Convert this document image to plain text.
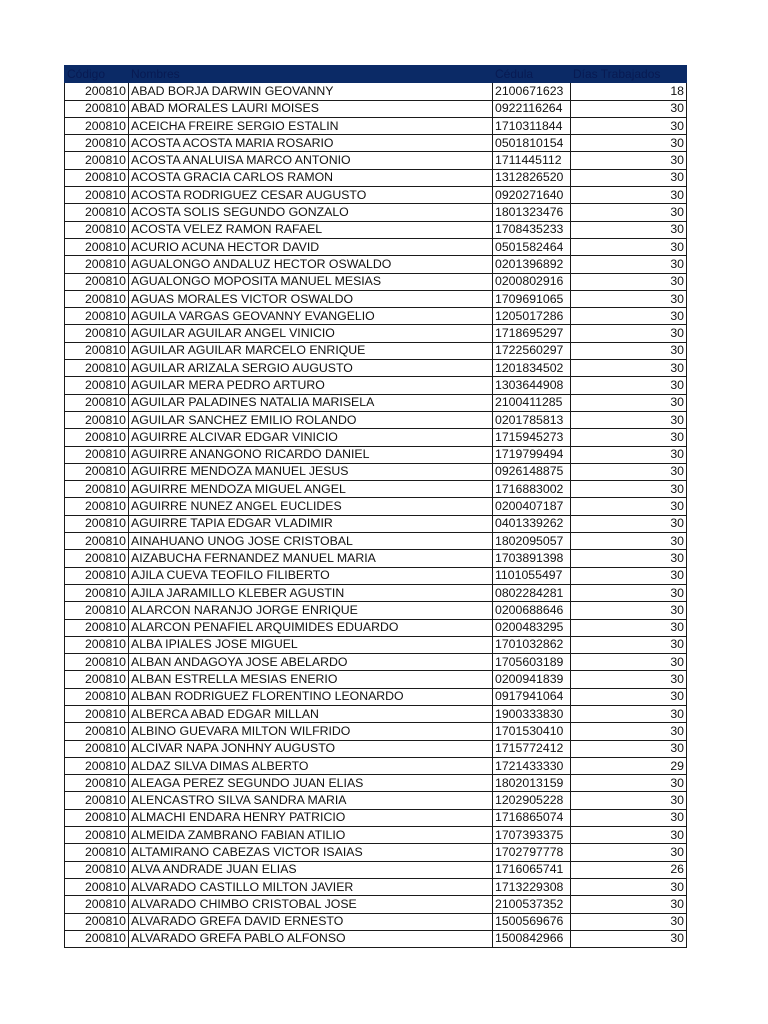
Código	Nombres	Cédula	Días Trabajados
200810	ABAD BORJA DARWIN GEOVANNY	2100671623	18
200810	ABAD MORALES LAURI MOISES	0922116264	30
200810	ACEICHA FREIRE SERGIO ESTALIN	1710311844	30
200810	ACOSTA ACOSTA MARIA ROSARIO	0501810154	30
200810	ACOSTA ANALUISA MARCO ANTONIO	1711445112	30
200810	ACOSTA GRACIA CARLOS RAMON	1312826520	30
200810	ACOSTA RODRIGUEZ CESAR AUGUSTO	0920271640	30
200810	ACOSTA SOLIS SEGUNDO GONZALO	1801323476	30
200810	ACOSTA VELEZ RAMON RAFAEL	1708435233	30
200810	ACURIO ACUNA HECTOR DAVID	0501582464	30
200810	AGUALONGO ANDALUZ HECTOR OSWALDO	0201396892	30
200810	AGUALONGO MOPOSITA MANUEL MESIAS	0200802916	30
200810	AGUAS MORALES VICTOR OSWALDO	1709691065	30
200810	AGUILA VARGAS GEOVANNY EVANGELIO	1205017286	30
200810	AGUILAR AGUILAR ANGEL VINICIO	1718695297	30
200810	AGUILAR AGUILAR MARCELO ENRIQUE	1722560297	30
200810	AGUILAR ARIZALA SERGIO AUGUSTO	1201834502	30
200810	AGUILAR MERA PEDRO ARTURO	1303644908	30
200810	AGUILAR PALADINES NATALIA MARISELA	2100411285	30
200810	AGUILAR SANCHEZ EMILIO ROLANDO	0201785813	30
200810	AGUIRRE ALCIVAR EDGAR VINICIO	1715945273	30
200810	AGUIRRE ANANGONO RICARDO DANIEL	1719799494	30
200810	AGUIRRE MENDOZA MANUEL JESUS	0926148875	30
200810	AGUIRRE MENDOZA MIGUEL ANGEL	1716883002	30
200810	AGUIRRE NUNEZ ANGEL EUCLIDES	0200407187	30
200810	AGUIRRE TAPIA EDGAR VLADIMIR	0401339262	30
200810	AINAHUANO UNOG JOSE CRISTOBAL	1802095057	30
200810	AIZABUCHA FERNANDEZ MANUEL MARIA	1703891398	30
200810	AJILA CUEVA TEOFILO FILIBERTO	1101055497	30
200810	AJILA JARAMILLO KLEBER AGUSTIN	0802284281	30
200810	ALARCON NARANJO JORGE ENRIQUE	0200688646	30
200810	ALARCON PENAFIEL ARQUIMIDES EDUARDO	0200483295	30
200810	ALBA IPIALES JOSE MIGUEL	1701032862	30
200810	ALBAN ANDAGOYA JOSE ABELARDO	1705603189	30
200810	ALBAN ESTRELLA MESIAS ENERIO	0200941839	30
200810	ALBAN RODRIGUEZ FLORENTINO LEONARDO	0917941064	30
200810	ALBERCA ABAD EDGAR MILLAN	1900333830	30
200810	ALBINO GUEVARA MILTON WILFRIDO	1701530410	30
200810	ALCIVAR NAPA JONHNY AUGUSTO	1715772412	30
200810	ALDAZ SILVA DIMAS ALBERTO	1721433330	29
200810	ALEAGA PEREZ SEGUNDO JUAN ELIAS	1802013159	30
200810	ALENCASTRO SILVA SANDRA MARIA	1202905228	30
200810	ALMACHI ENDARA HENRY PATRICIO	1716865074	30
200810	ALMEIDA ZAMBRANO FABIAN ATILIO	1707393375	30
200810	ALTAMIRANO CABEZAS VICTOR ISAIAS	1702797778	30
200810	ALVA ANDRADE JUAN ELIAS	1716065741	26
200810	ALVARADO CASTILLO MILTON JAVIER	1713229308	30
200810	ALVARADO CHIMBO CRISTOBAL JOSE	2100537352	30
200810	ALVARADO GREFA DAVID ERNESTO	1500569676	30
200810	ALVARADO GREFA PABLO ALFONSO	1500842966	30
